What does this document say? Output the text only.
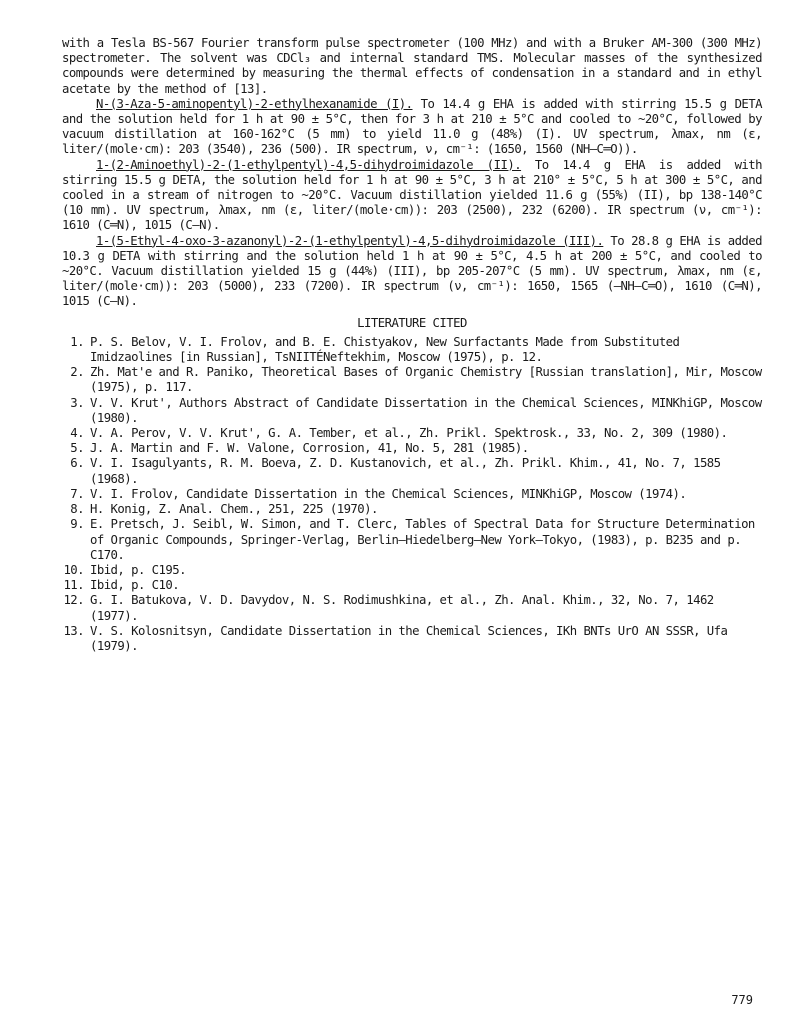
with a Tesla BS-567 Fourier transform pulse spectrometer (100 MHz) and with a Bruker AM-300 (300 MHz) spectrometer. The solvent was CDCl₃ and internal standard TMS. Molecular masses of the synthesized compounds were determined by measuring the thermal effects of condensation in a standard and in ethyl acetate by the method of [13].

N-(3-Aza-5-aminopentyl)-2-ethylhexanamide (I). To 14.4 g EHA is added with stirring 15.5 g DETA and the solution held for 1 h at 90 ± 5°C, then for 3 h at 210 ± 5°C and cooled to ~20°C, followed by vacuum distillation at 160-162°C (5 mm) to yield 11.0 g (48%) (I). UV spectrum, λmax, nm (ε, liter/(mole·cm): 203 (3540), 236 (500). IR spectrum, ν, cm⁻¹: (1650, 1560 (NH–C═O)).

1-(2-Aminoethyl)-2-(1-ethylpentyl)-4,5-dihydroimidazole (II). To 14.4 g EHA is added with stirring 15.5 g DETA, the solution held for 1 h at 90 ± 5°C, 3 h at 210° ± 5°C, 5 h at 300 ± 5°C, and cooled in a stream of nitrogen to ~20°C. Vacuum distillation yielded 11.6 g (55%) (II), bp 138-140°C (10 mm). UV spectrum, λmax, nm (ε, liter/(mole·cm)): 203 (2500), 232 (6200). IR spectrum (ν, cm⁻¹): 1610 (C═N), 1015 (C–N).

1-(5-Ethyl-4-oxo-3-azanonyl)-2-(1-ethylpentyl)-4,5-dihydroimidazole (III). To 28.8 g EHA is added 10.3 g DETA with stirring and the solution held 1 h at 90 ± 5°C, 4.5 h at 200 ± 5°C, and cooled to ~20°C. Vacuum distillation yielded 15 g (44%) (III), bp 205-207°C (5 mm). UV spectrum, λmax, nm (ε, liter/(mole·cm)): 203 (5000), 233 (7200). IR spectrum (ν, cm⁻¹): 1650, 1565 (–NH–C═O), 1610 (C═N), 1015 (C–N).

LITERATURE CITED
1. P. S. Belov, V. I. Frolov, and B. E. Chistyakov, New Surfactants Made from Substituted Imidzaolines [in Russian], TsNIITÉNeftekhim, Moscow (1975), p. 12.
2. Zh. Mat'e and R. Paniko, Theoretical Bases of Organic Chemistry [Russian translation], Mir, Moscow (1975), p. 117.
3. V. V. Krut', Authors Abstract of Candidate Dissertation in the Chemical Sciences, MINKhiGP, Moscow (1980).
4. V. A. Perov, V. V. Krut', G. A. Tember, et al., Zh. Prikl. Spektrosk., 33, No. 2, 309 (1980).
5. J. A. Martin and F. W. Valone, Corrosion, 41, No. 5, 281 (1985).
6. V. I. Isagulyants, R. M. Boeva, Z. D. Kustanovich, et al., Zh. Prikl. Khim., 41, No. 7, 1585 (1968).
7. V. I. Frolov, Candidate Dissertation in the Chemical Sciences, MINKhiGP, Moscow (1974).
8. H. Konig, Z. Anal. Chem., 251, 225 (1970).
9. E. Pretsch, J. Seibl, W. Simon, and T. Clerc, Tables of Spectral Data for Structure Determination of Organic Compounds, Springer-Verlag, Berlin–Hiedelberg–New York–Tokyo, (1983), p. B235 and p. C170.
10. Ibid, p. C195.
11. Ibid, p. C10.
12. G. I. Batukova, V. D. Davydov, N. S. Rodimushkina, et al., Zh. Anal. Khim., 32, No. 7, 1462 (1977).
13. V. S. Kolosnitsyn, Candidate Dissertation in the Chemical Sciences, IKh BNTs UrO AN SSSR, Ufa (1979).
779
